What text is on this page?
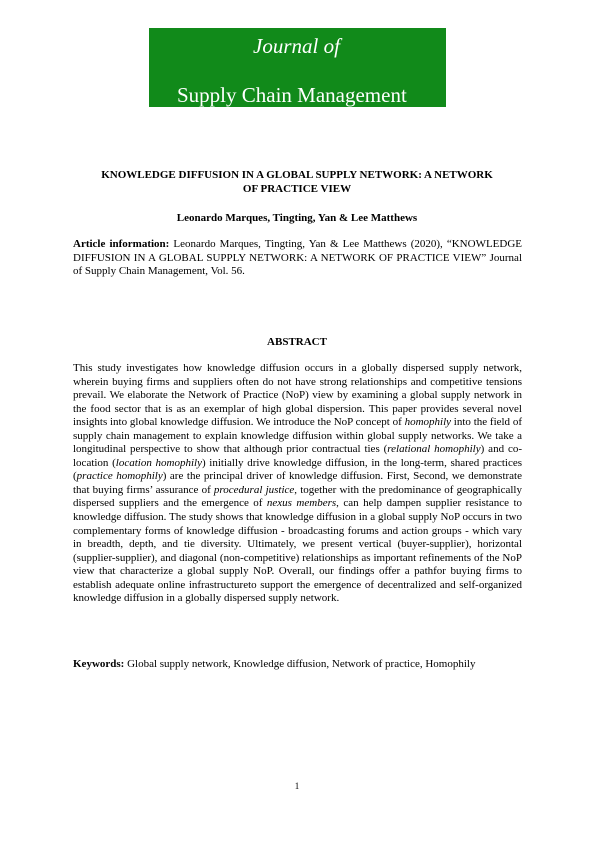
Journal of
Supply Chain Management
KNOWLEDGE DIFFUSION IN A GLOBAL SUPPLY NETWORK: A NETWORK
OF PRACTICE VIEW
Leonardo Marques, Tingting, Yan & Lee Matthews
Article information: Leonardo Marques, Tingting, Yan & Lee Matthews (2020), “KNOWLEDGE DIFFUSION IN A GLOBAL SUPPLY NETWORK: A NETWORK OF PRACTICE VIEW” Journal of Supply Chain Management, Vol. 56.
ABSTRACT
This study investigates how knowledge diffusion occurs in a globally dispersed supply network, wherein buying firms and suppliers often do not have strong relationships and competitive tensions prevail. We elaborate the Network of Practice (NoP) view by examining a global supply network in the food sector that is as an exemplar of high global dispersion. This paper provides several novel insights into global knowledge diffusion. We introduce the NoP concept of homophily into the field of supply chain management to explain knowledge diffusion within global supply networks. We take a longitudinal perspective to show that although prior contractual ties (relational homophily) and co-location (location homophily) initially drive knowledge diffusion, in the long-term, shared practices (practice homophily) are the principal driver of knowledge diffusion. First, Second, we demonstrate that buying firms’ assurance of procedural justice, together with the predominance of geographically dispersed suppliers and the emergence of nexus members, can help dampen supplier resistance to knowledge diffusion. The study shows that knowledge diffusion in a global supply NoP occurs in two complementary forms of knowledge diffusion - broadcasting forums and action groups - which vary in breadth, depth, and tie diversity. Ultimately, we present vertical (buyer-supplier), horizontal (supplier-supplier), and diagonal (non-competitive) relationships as important refinements of the NoP view that characterize a global supply NoP. Overall, our findings offer a pathfor buying firms to establish adequate online infrastructureto support the emergence of decentralized and self-organized knowledge diffusion in a globally dispersed supply network.
Keywords: Global supply network, Knowledge diffusion, Network of practice, Homophily
1
